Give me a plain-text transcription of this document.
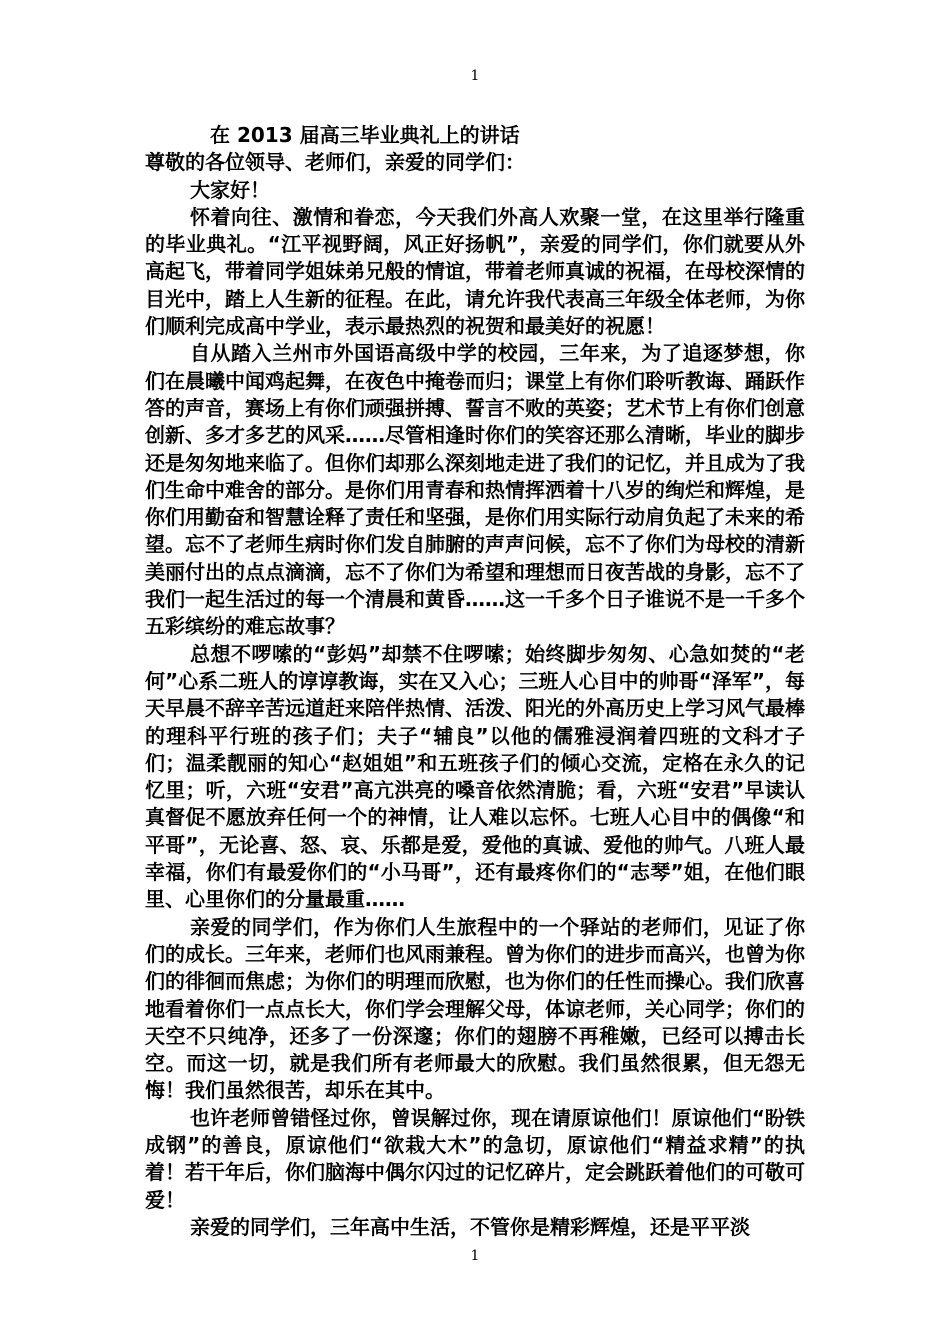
1
在 2013 届高三毕业典礼上的讲话
尊敬的各位领导、老师们，亲爱的同学们：

大家好！

怀着向往、激情和眷恋，今天我们外高人欢聚一堂，在这里举行隆重的毕业典礼。“江平视野阔，风正好扬帆”，亲爱的同学们，你们就要从外高起飞，带着同学姐妹弟兄般的情谊，带着老师真诚的祝福，在母校深情的目光中，踏上人生新的征程。在此，请允许我代表高三年级全体老师，为你们顺利完成高中学业，表示最热烈的祝贺和最美好的祝愿！

自从踏入兰州市外国语高级中学的校园，三年来，为了追逐梦想，你们在晨曦中闻鸡起舞，在夜色中掩卷而归；课堂上有你们聆听教诲、踊跃作答的声音，赛场上有你们顽强拼搏、誓言不败的英姿；艺术节上有你们创意创新、多才多艺的风采……尽管相逢时你们的笑容还那么清晰，毕业的脚步还是匆匆地来临了。但你们却那么深刻地走进了我们的记忆，并且成为了我们生命中难舍的部分。是你们用青春和热情挥洒着十八岁的绚烂和辉煌，是你们用勤奋和智慧诠释了责任和坚强，是你们用实际行动肩负起了未来的希望。忘不了老师生病时你们发自肺腑的声声问候，忘不了你们为母校的清新美丽付出的点点滴滴，忘不了你们为希望和理想而日夜苦战的身影，忘不了我们一起生活过的每一个清晨和黄昏……这一千多个日子谁说不是一千多个五彩缤纷的难忘故事？

总想不啰嗦的“彭妈”却禁不住啰嗦；始终脚步匆匆、心急如焚的“老何”心系二班人的谆谆教诲，实在又入心；三班人心目中的帅哥“泽军”，每天早晨不辞辛苦远道赶来陪伴热情、活泼、阳光的外高历史上学习风气最棒的理科平行班的孩子们；夫子“辅良”以他的儒雅浸润着四班的文科才子们；温柔靓丽的知心“赵姐姐”和五班孩子们的倾心交流，定格在永久的记忆里；听，六班“安君”高亢洪亮的嗓音依然清脆；看，六班“安君”早读认真督促不愿放弃任何一个的神情，让人难以忘怀。七班人心目中的偶像“和平哥”，无论喜、怒、哀、乐都是爱，爱他的真诚、爱他的帅气。八班人最幸福，你们有最爱你们的“小马哥”，还有最疼你们的“志琴”姐，在他们眼里、心里你们的分量最重……

亲爱的同学们，作为你们人生旅程中的一个驿站的老师们，见证了你们的成长。三年来，老师们也风雨兼程。曾为你们的进步而高兴，也曾为你们的徘徊而焦虑；为你们的明理而欣慰，也为你们的任性而操心。我们欣喜地看着你们一点点长大，你们学会理解父母，体谅老师，关心同学；你们的天空不只纯净，还多了一份深邃；你们的翅膀不再稚嫩，已经可以搏击长空。而这一切，就是我们所有老师最大的欣慰。我们虽然很累，但无怨无悔！我们虽然很苦，却乐在其中。

也许老师曾错怪过你，曾误解过你，现在请原谅他们！原谅他们“盼铁成钢”的善良，原谅他们“欲栽大木”的急切，原谅他们“精益求精”的执着！若干年后，你们脑海中偶尔闪过的记忆碎片，定会跳跃着他们的可敬可爱！

亲爱的同学们，三年高中生活，不管你是精彩辉煌，还是平平淡

1
